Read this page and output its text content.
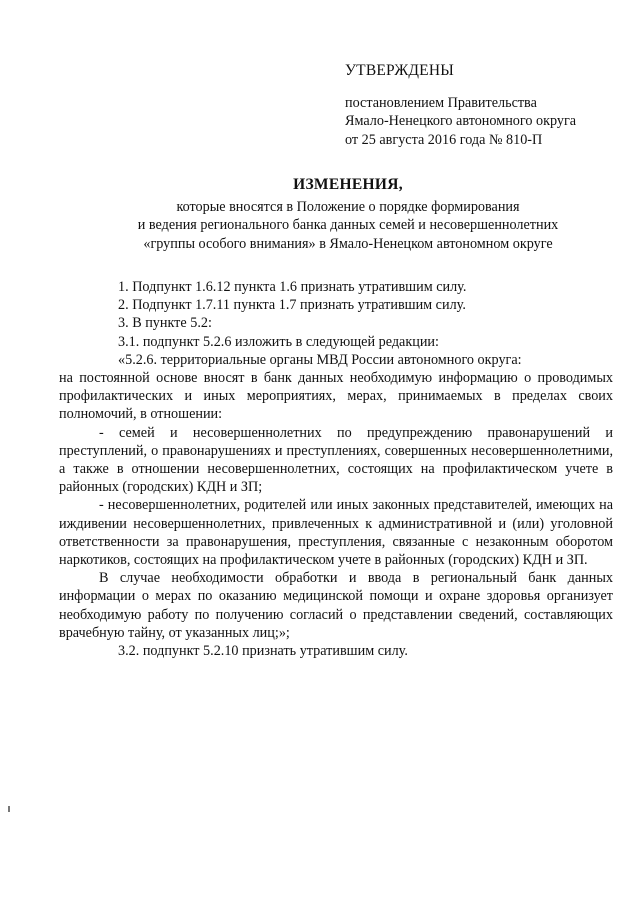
УТВЕРЖДЕНЫ
постановлением Правительства
Ямало-Ненецкого автономного округа
от 25 августа 2016 года № 810-П
ИЗМЕНЕНИЯ,
которые вносятся в Положение о порядке формирования
и ведения регионального банка данных семей и несовершеннолетних
«группы особого внимания» в Ямало-Ненецком автономном округе

1. Подпункт 1.6.12 пункта 1.6 признать утратившим силу.

2. Подпункт 1.7.11 пункта 1.7 признать утратившим силу.

3. В пункте 5.2:

3.1. подпункт 5.2.6 изложить в следующей редакции:

«5.2.6. территориальные органы МВД России автономного округа:

на постоянной основе вносят в банк данных необходимую информацию о проводимых профилактических и иных мероприятиях, мерах, принимаемых в пределах своих полномочий, в отношении:

- семей и несовершеннолетних по предупреждению правонарушений и преступлений, о правонарушениях и преступлениях, совершенных несовершеннолетними, а также в отношении несовершеннолетних, состоящих на профилактическом учете в районных (городских) КДН и ЗП;

- несовершеннолетних, родителей или иных законных представителей, имеющих на иждивении несовершеннолетних, привлеченных к административной и (или) уголовной ответственности за правонарушения, преступления, связанные с незаконным оборотом наркотиков, состоящих на профилактическом учете в районных (городских) КДН и ЗП.

В случае необходимости обработки и ввода в региональный банк данных информации о мерах по оказанию медицинской помощи и охране здоровья организует необходимую работу по получению согласий о представлении сведений, составляющих врачебную тайну, от указанных лиц;»;

3.2. подпункт 5.2.10 признать утратившим силу.
